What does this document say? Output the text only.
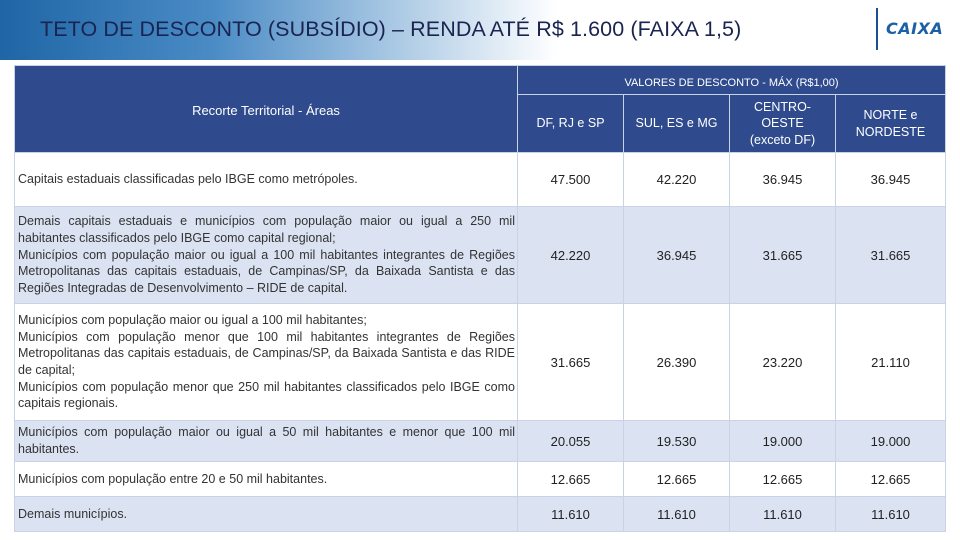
TETO DE DESCONTO (SUBSÍDIO) – RENDA ATÉ R$ 1.600 (FAIXA 1,5)	CAIXA
Recorte Territorial - Áreas	VALORES DE DESCONTO - MÁX (R$1,00)			
	DF, RJ e SP	SUL, ES e MG	CENTRO-
OESTE
(exceto DF)	NORTE e
NORDESTE
Capitais estaduais classificadas pelo IBGE como metrópoles.	47.500	42.220	36.945	36.945
Demais capitais estaduais e municípios com população maior ou igual a 250 mil habitantes classificados pelo IBGE como capital regional;
Municípios com população maior ou igual a 100 mil habitantes integrantes de Regiões Metropolitanas das capitais estaduais, de Campinas/SP, da Baixada Santista e das Regiões Integradas de Desenvolvimento – RIDE de capital.	42.220	36.945	31.665	31.665
Municípios com população maior ou igual a 100 mil habitantes;
Municípios com população menor que 100 mil habitantes integrantes de Regiões Metropolitanas das capitais estaduais, de Campinas/SP, da Baixada Santista e das RIDE de capital;
Municípios com população menor que 250 mil habitantes classificados pelo IBGE como capitais regionais.	31.665	26.390	23.220	21.110
Municípios com população maior ou igual a 50 mil habitantes e menor que 100 mil habitantes.	20.055	19.530	19.000	19.000
Municípios com população entre 20 e 50 mil habitantes.	12.665	12.665	12.665	12.665
Demais municípios.	11.610	11.610	11.610	11.610
